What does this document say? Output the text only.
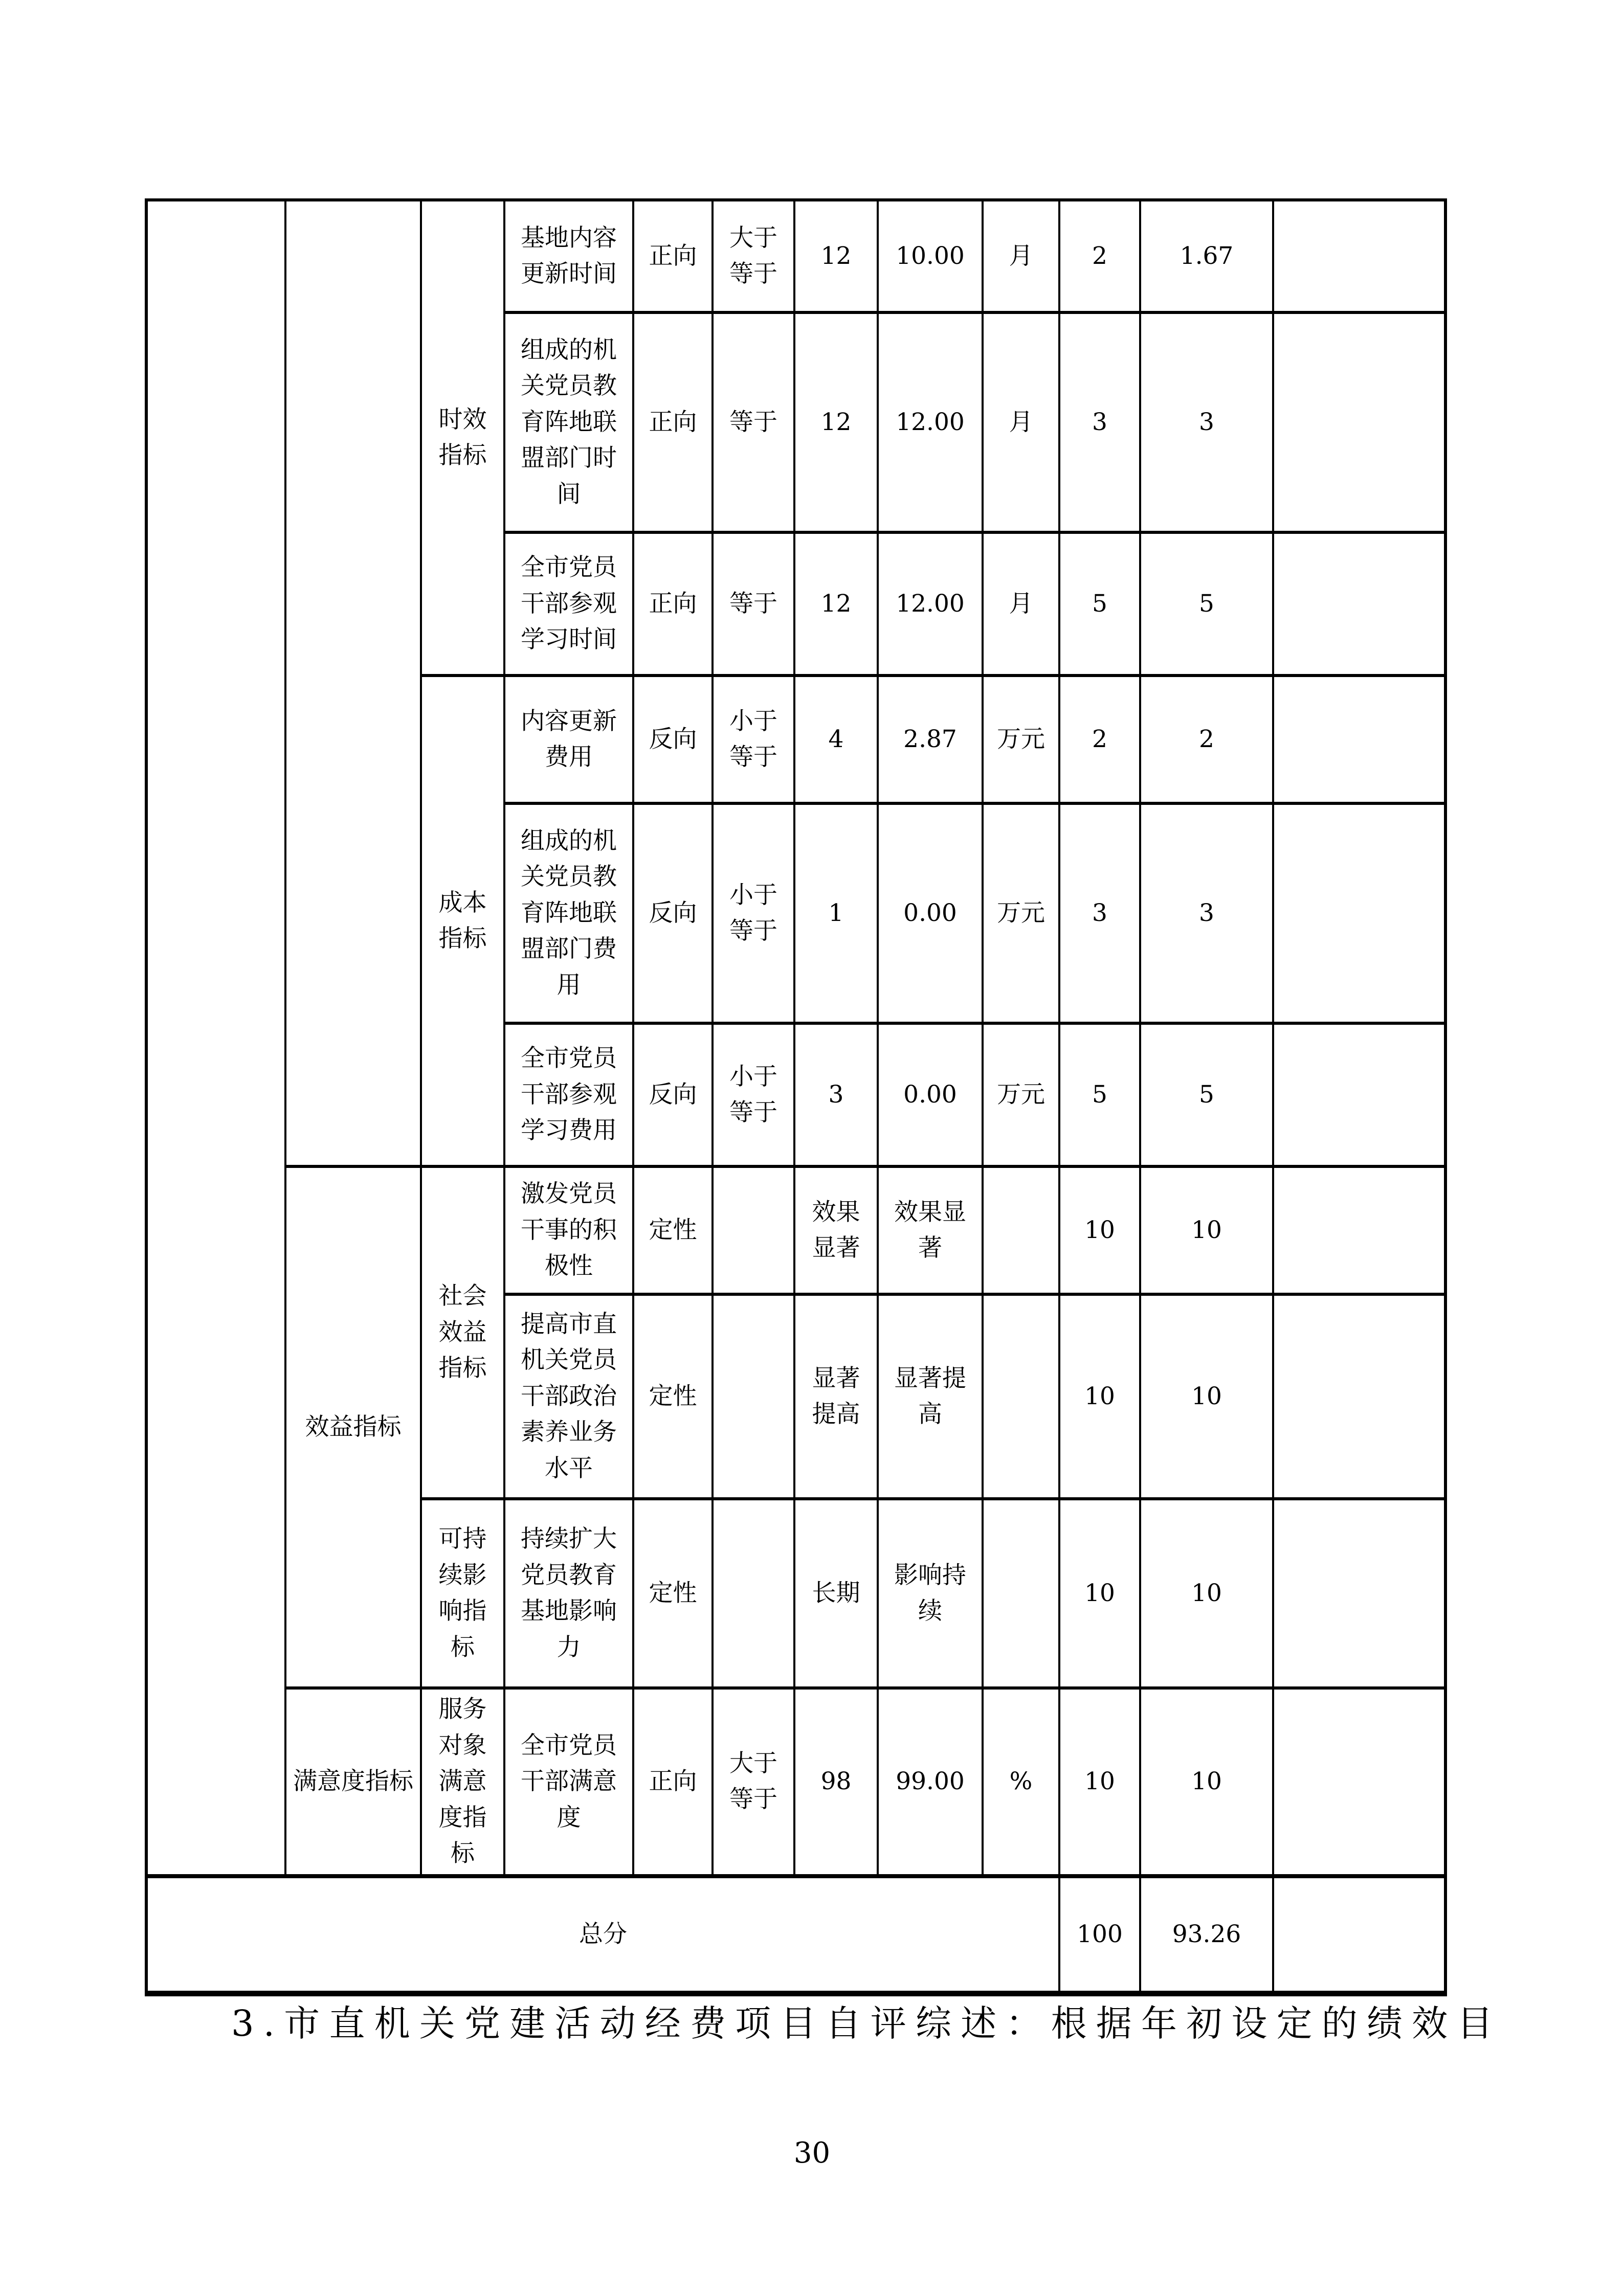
		时效指标	基地内容更新时间	正向	大于等于	12	10.00	月	2	1.67	
			组成的机关党员教育阵地联盟部门时间	正向	等于	12	12.00	月	3	3	
			全市党员干部参观学习时间	正向	等于	12	12.00	月	5	5	
		成本指标	内容更新费用	反向	小于等于	4	2.87	万元	2	2	
			组成的机关党员教育阵地联盟部门费用	反向	小于等于	1	0.00	万元	3	3	
			全市党员干部参观学习费用	反向	小于等于	3	0.00	万元	5	5	
	效益指标	社会效益指标	激发党员干事的积极性	定性		效果显著	效果显著		10	10	
			提高市直机关党员干部政治素养业务水平	定性		显著提高	显著提高		10	10	
		可持续影响指标	持续扩大党员教育基地影响力	定性		长期	影响持续		10	10	
	满意度指标	服务对象满意度指标	全市党员干部满意度	正向	大于等于	98	99.00	%	10	10	
总分									100	93.26	

3.市直机关党建活动经费项目自评综述：根据年初设定的绩效目

30
